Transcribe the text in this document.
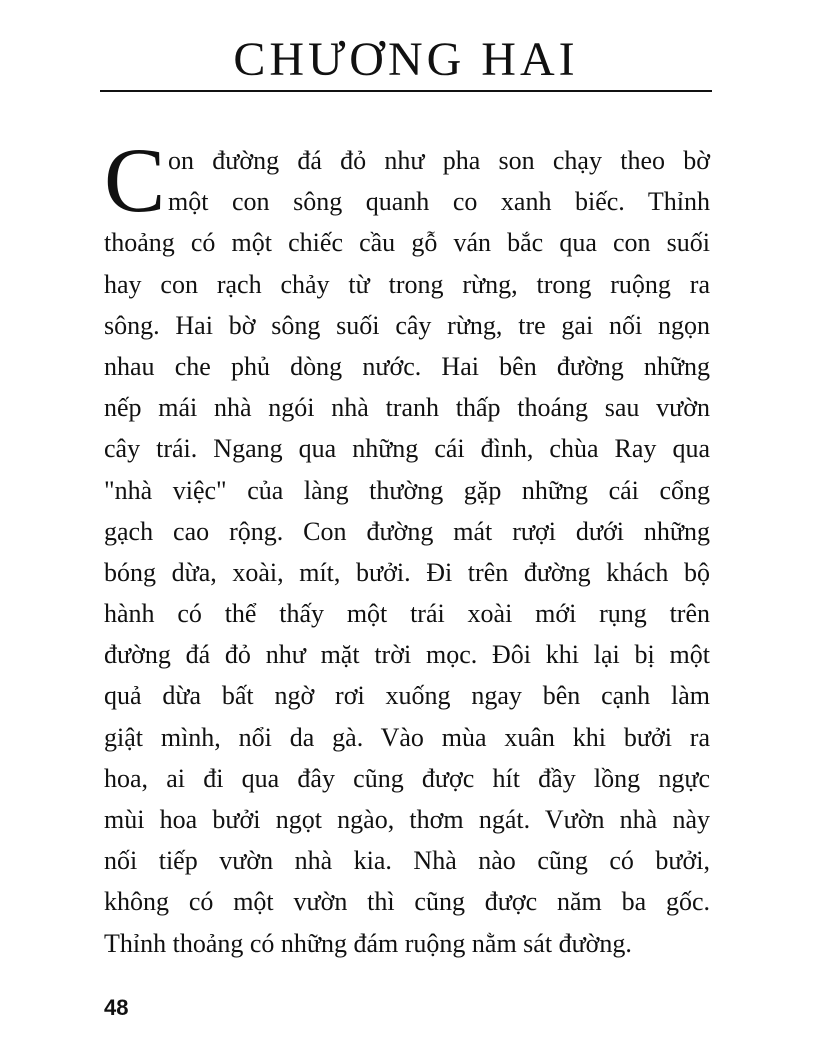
CHƯƠNG HAI
C on đường đá đỏ như pha son chạy theo bờ
một con sông quanh co xanh biếc. Thỉnh
thoảng có một chiếc cầu gỗ ván bắc qua con suối
hay con rạch chảy từ trong rừng, trong ruộng ra
sông. Hai bờ sông suối cây rừng, tre gai nối ngọn
nhau che phủ dòng nước. Hai bên đường những
nếp mái nhà ngói nhà tranh thấp thoáng sau vườn
cây trái. Ngang qua những cái đình, chùa Ray qua
"nhà việc" của làng thường gặp những cái cổng
gạch cao rộng. Con đường mát rượi dưới những
bóng dừa, xoài, mít, bưởi. Đi trên đường khách bộ
hành có thể thấy một trái xoài mới rụng trên
đường đá đỏ như mặt trời mọc. Đôi khi lại bị một
quả dừa bất ngờ rơi xuống ngay bên cạnh làm
giật mình, nổi da gà. Vào mùa xuân khi bưởi ra
hoa, ai đi qua đây cũng được hít đầy lồng ngực
mùi hoa bưởi ngọt ngào, thơm ngát. Vườn nhà này
nối tiếp vườn nhà kia. Nhà nào cũng có bưởi,
không có một vườn thì cũng được năm ba gốc.
Thỉnh thoảng có những đám ruộng nằm sát đường.
48
